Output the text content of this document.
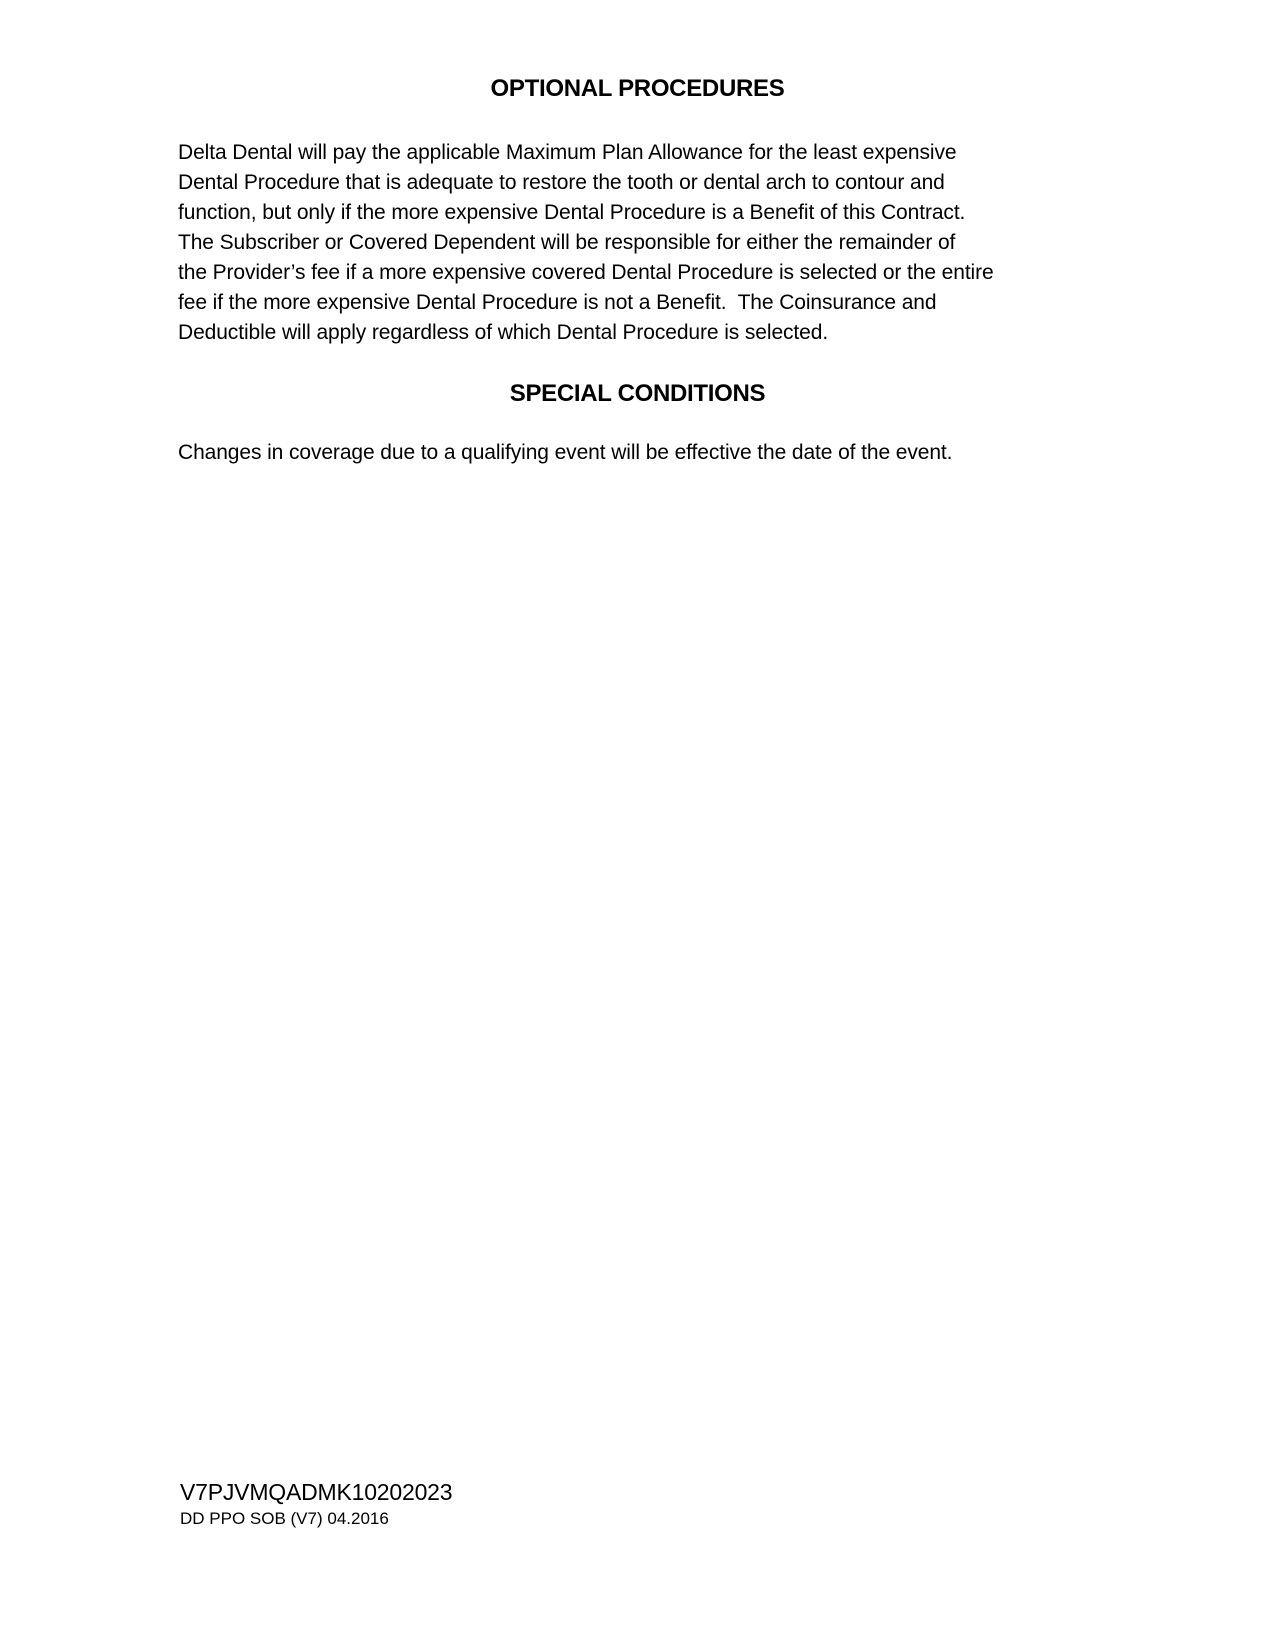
OPTIONAL PROCEDURES
Delta Dental will pay the applicable Maximum Plan Allowance for the least expensive
Dental Procedure that is adequate to restore the tooth or dental arch to contour and
function, but only if the more expensive Dental Procedure is a Benefit of this Contract.
The Subscriber or Covered Dependent will be responsible for either the remainder of
the Provider’s fee if a more expensive covered Dental Procedure is selected or the entire
fee if the more expensive Dental Procedure is not a Benefit.  The Coinsurance and
Deductible will apply regardless of which Dental Procedure is selected.
SPECIAL CONDITIONS
Changes in coverage due to a qualifying event will be effective the date of the event.
V7PJVMQADMK10202023
DD PPO SOB (V7) 04.2016
